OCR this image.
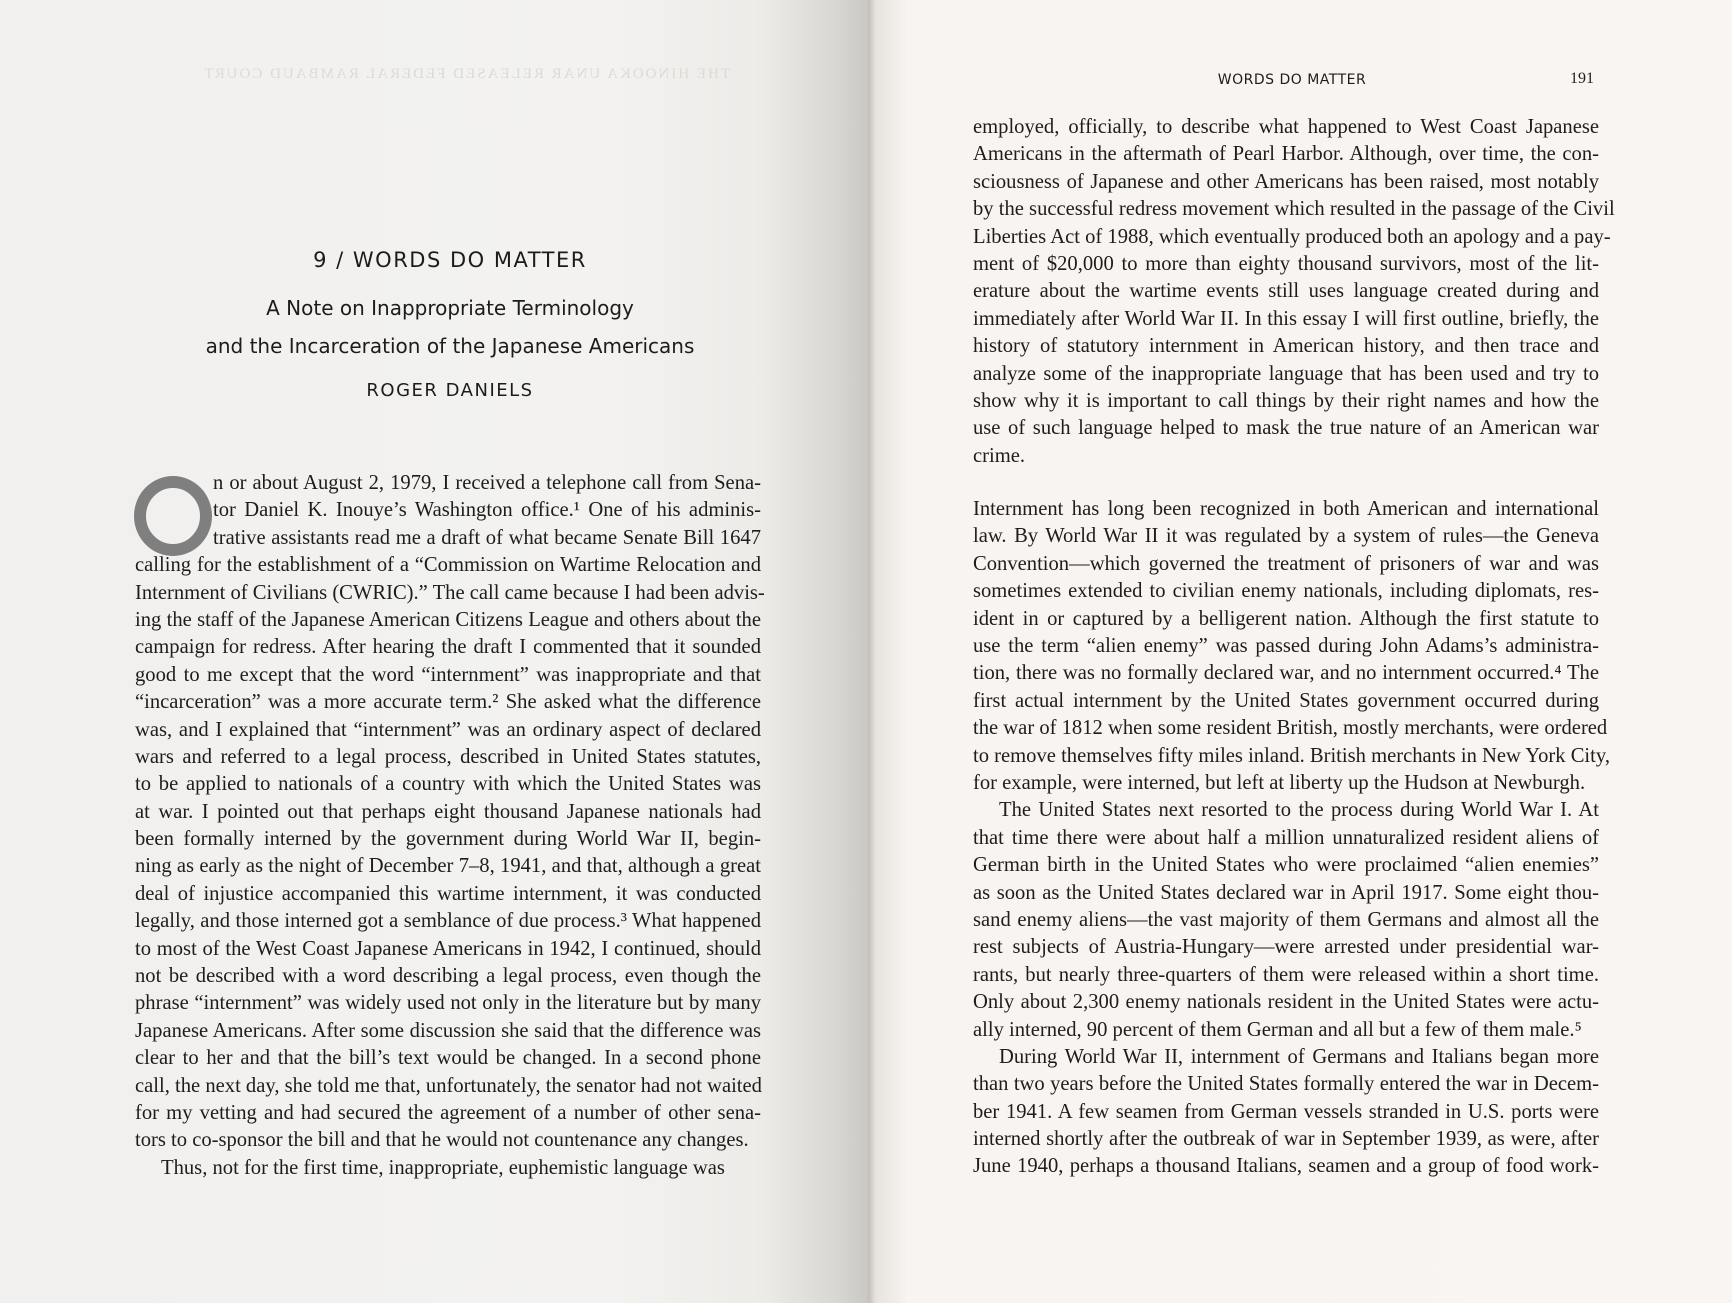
THE HINOOKA UNAR RELEASED FEDERAL RAMBAUD COURT
9 / WORDS DO MATTER
A Note on Inappropriate Terminology
and the Incarceration of the Japanese Americans
ROGER DANIELS
n or about August 2, 1979, I received a telephone call from Sena-
tor Daniel K. Inouye’s Washington office.¹ One of his adminis-
trative assistants read me a draft of what became Senate Bill 1647
calling for the establishment of a “Commission on Wartime Relocation and
Internment of Civilians (CWRIC).” The call came because I had been advis-
ing the staff of the Japanese American Citizens League and others about the
campaign for redress. After hearing the draft I commented that it sounded
good to me except that the word “internment” was inappropriate and that
“incarceration” was a more accurate term.² She asked what the difference
was, and I explained that “internment” was an ordinary aspect of declared
wars and referred to a legal process, described in United States statutes,
to be applied to nationals of a country with which the United States was
at war. I pointed out that perhaps eight thousand Japanese nationals had
been formally interned by the government during World War II, begin-
ning as early as the night of December 7–8, 1941, and that, although a great
deal of injustice accompanied this wartime internment, it was conducted
legally, and those interned got a semblance of due process.³ What happened
to most of the West Coast Japanese Americans in 1942, I continued, should
not be described with a word describing a legal process, even though the
phrase “internment” was widely used not only in the literature but by many
Japanese Americans. After some discussion she said that the difference was
clear to her and that the bill’s text would be changed. In a second phone
call, the next day, she told me that, unfortunately, the senator had not waited
for my vetting and had secured the agreement of a number of other sena-
tors to co-sponsor the bill and that he would not countenance any changes.
Thus, not for the first time, inappropriate, euphemistic language was
WORDS DO MATTER	191
employed, officially, to describe what happened to West Coast Japanese
Americans in the aftermath of Pearl Harbor. Although, over time, the con-
sciousness of Japanese and other Americans has been raised, most notably
by the successful redress movement which resulted in the passage of the Civil
Liberties Act of 1988, which eventually produced both an apology and a pay-
ment of $20,000 to more than eighty thousand survivors, most of the lit-
erature about the wartime events still uses language created during and
immediately after World War II. In this essay I will first outline, briefly, the
history of statutory internment in American history, and then trace and
analyze some of the inappropriate language that has been used and try to
show why it is important to call things by their right names and how the
use of such language helped to mask the true nature of an American war
crime.
Internment has long been recognized in both American and international
law. By World War II it was regulated by a system of rules—the Geneva
Convention—which governed the treatment of prisoners of war and was
sometimes extended to civilian enemy nationals, including diplomats, res-
ident in or captured by a belligerent nation. Although the first statute to
use the term “alien enemy” was passed during John Adams’s administra-
tion, there was no formally declared war, and no internment occurred.⁴ The
first actual internment by the United States government occurred during
the war of 1812 when some resident British, mostly merchants, were ordered
to remove themselves fifty miles inland. British merchants in New York City,
for example, were interned, but left at liberty up the Hudson at Newburgh.
The United States next resorted to the process during World War I. At
that time there were about half a million unnaturalized resident aliens of
German birth in the United States who were proclaimed “alien enemies”
as soon as the United States declared war in April 1917. Some eight thou-
sand enemy aliens—the vast majority of them Germans and almost all the
rest subjects of Austria-Hungary—were arrested under presidential war-
rants, but nearly three-quarters of them were released within a short time.
Only about 2,300 enemy nationals resident in the United States were actu-
ally interned, 90 percent of them German and all but a few of them male.⁵
During World War II, internment of Germans and Italians began more
than two years before the United States formally entered the war in Decem-
ber 1941. A few seamen from German vessels stranded in U.S. ports were
interned shortly after the outbreak of war in September 1939, as were, after
June 1940, perhaps a thousand Italians, seamen and a group of food work-
